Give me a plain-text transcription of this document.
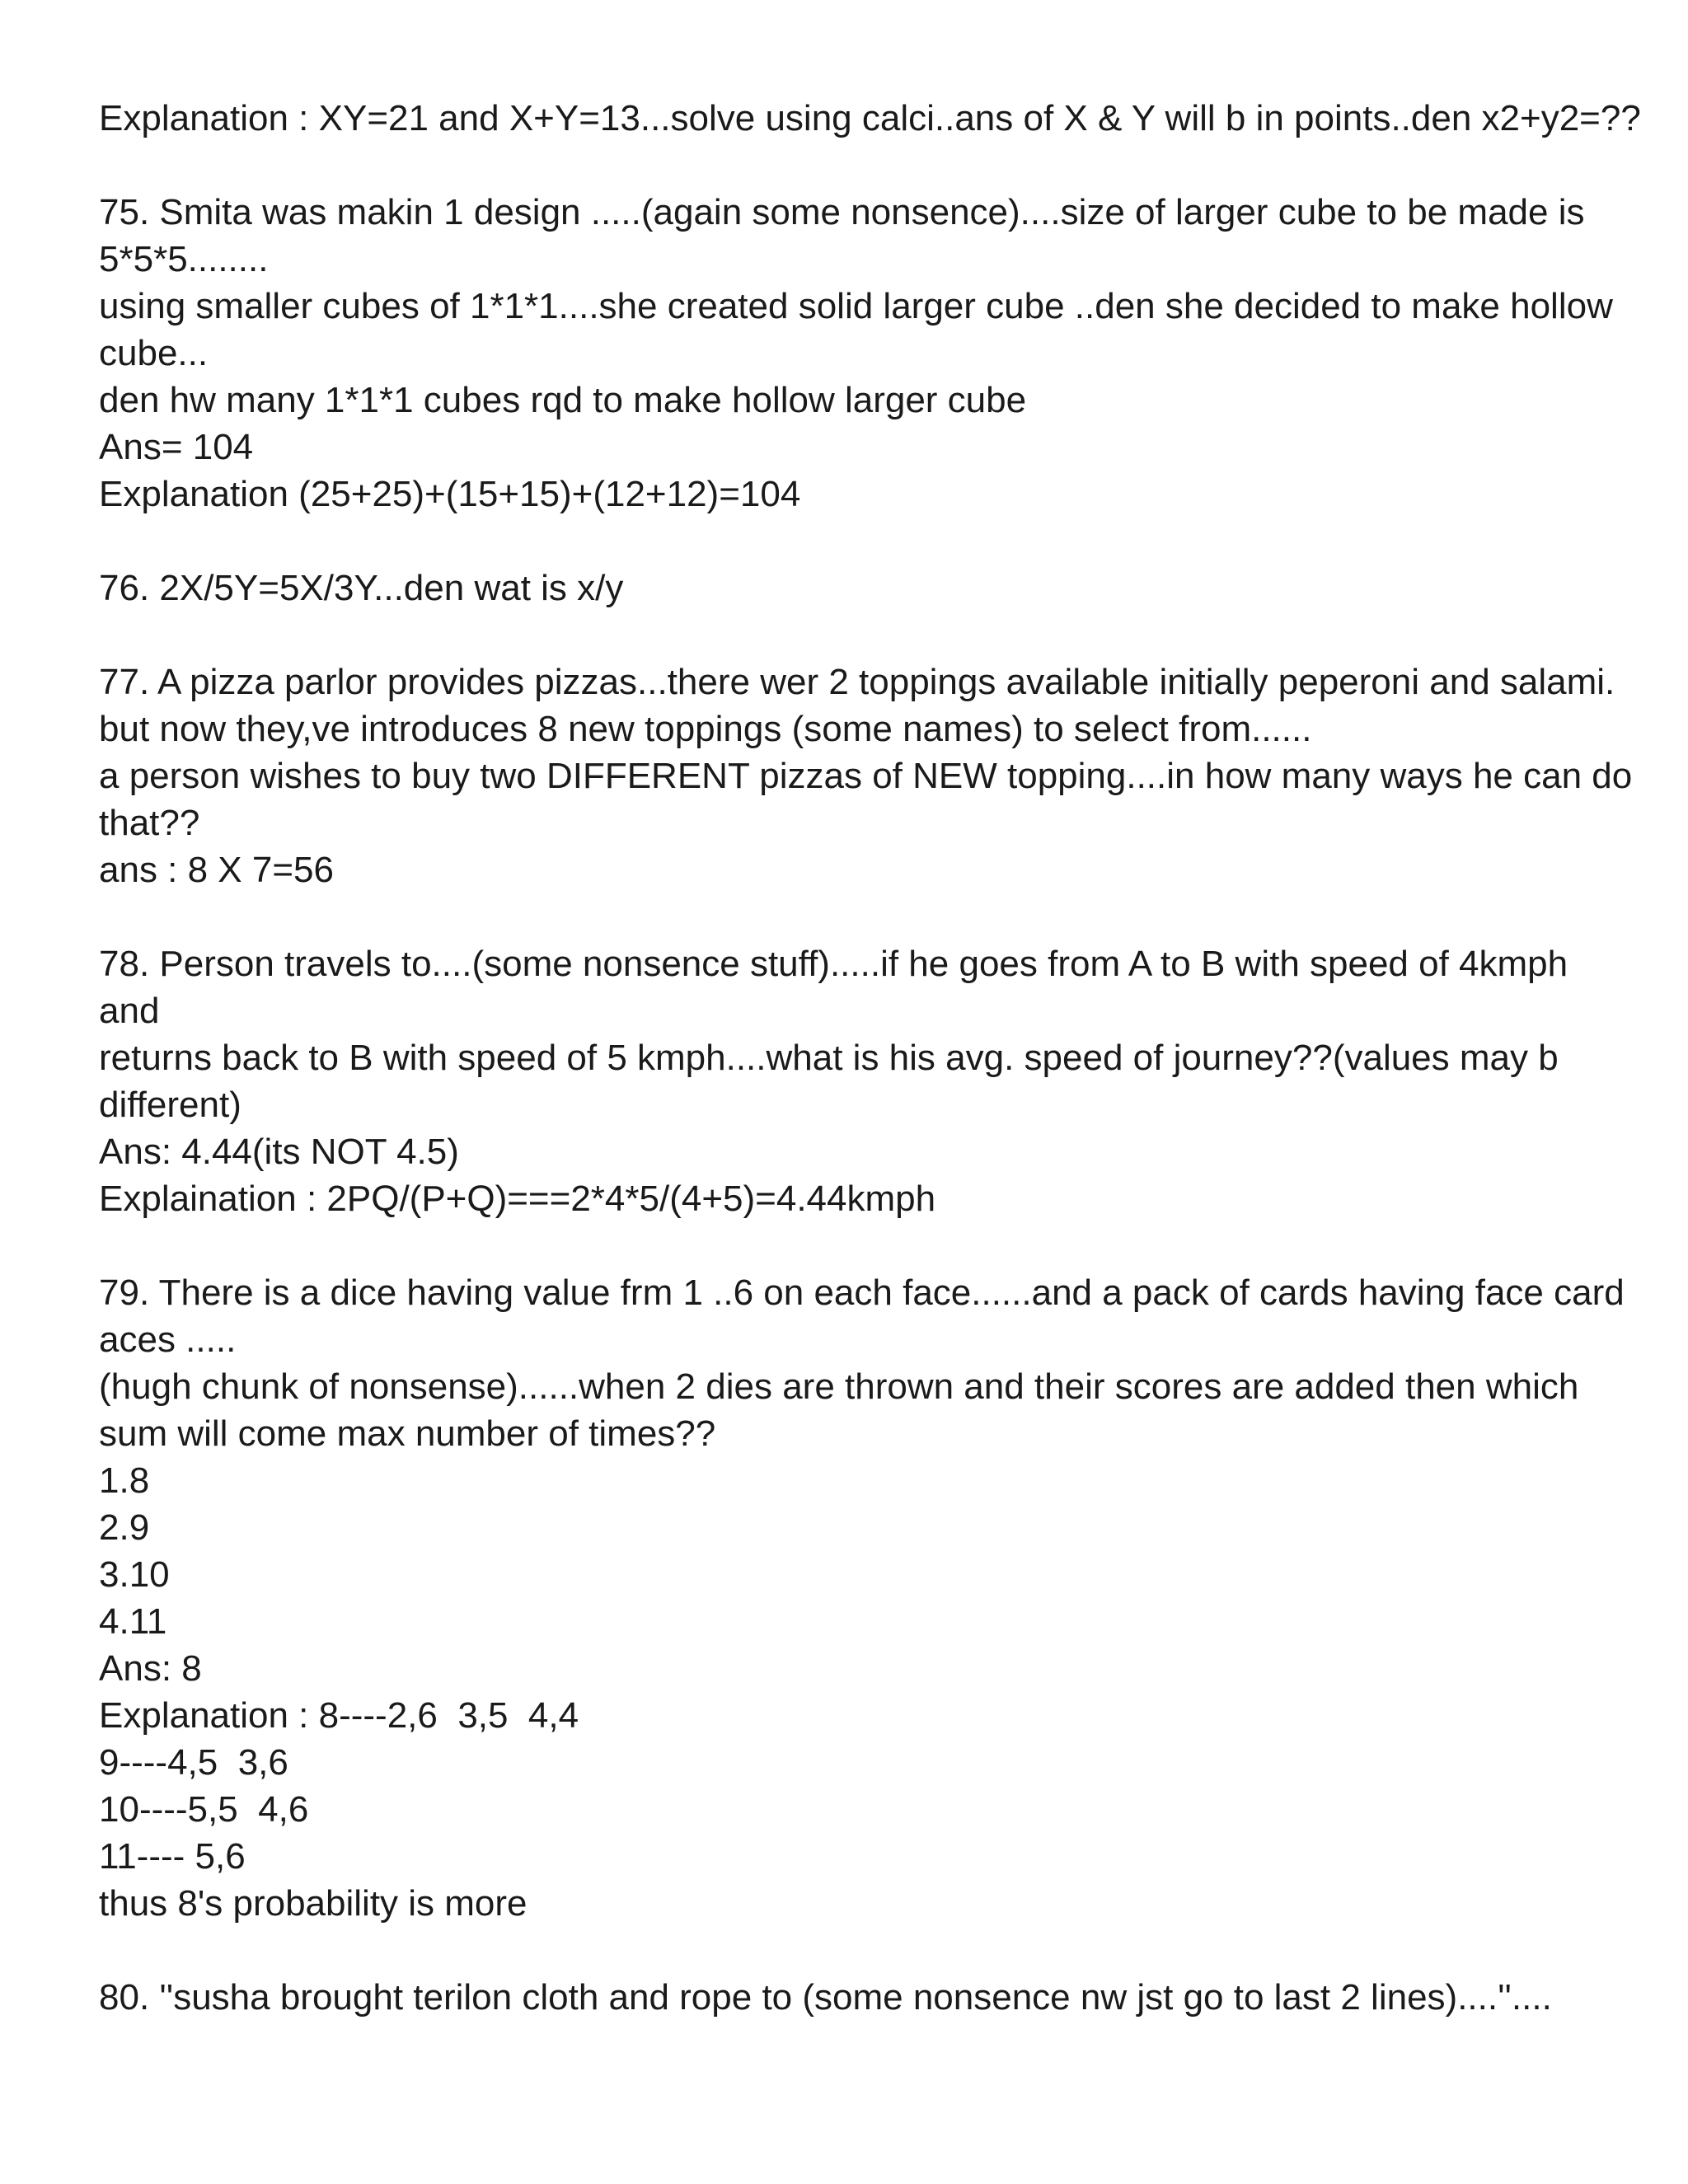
Explanation : XY=21 and X+Y=13...solve using calci..ans of X & Y will b in points..den x2+y2=??
75. Smita was makin 1 design .....(again some nonsence)....size of larger cube to be made is
5*5*5........
using smaller cubes of 1*1*1....she created solid larger cube ..den she decided to make hollow
cube...
den hw many 1*1*1 cubes rqd to make hollow larger cube
Ans= 104
Explanation (25+25)+(15+15)+(12+12)=104
76. 2X/5Y=5X/3Y...den wat is x/y
77. A pizza parlor provides pizzas...there wer 2 toppings available initially peperoni and salami.
but now they,ve introduces 8 new toppings (some names) to select from......
a person wishes to buy two DIFFERENT pizzas of NEW topping....in how many ways he can do
that??
ans : 8 X 7=56
78. Person travels to....(some nonsence stuff).....if he goes from A to B with speed of 4kmph
and
returns back to B with speed of 5 kmph....what is his avg. speed of journey??(values may b
different)
Ans: 4.44(its NOT 4.5)
Explaination : 2PQ/(P+Q)===2*4*5/(4+5)=4.44kmph
79. There is a dice having value frm 1 ..6 on each face......and a pack of cards having face card
aces .....
(hugh chunk of nonsense)......when 2 dies are thrown and their scores are added then which
sum will come max number of times??
1.8
2.9
3.10
4.11
Ans: 8
Explanation : 8----2,6  3,5  4,4
9----4,5  3,6
10----5,5  4,6
11---- 5,6
thus 8's probability is more
80. ''susha brought terilon cloth and rope to (some nonsence nw jst go to last 2 lines)....''....
